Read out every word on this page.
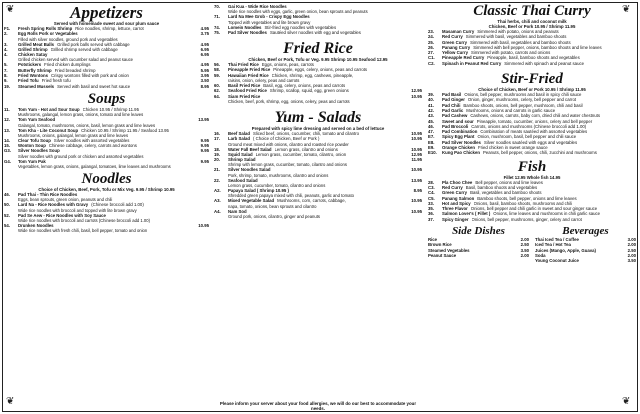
❦	❦
❦	❦
Appetizers

Served with homemade sweet and sour plum sauce

F1.	Fresh Spring Rolls Shrimp Rice noodles, shrimp, lettuce, carrot	4.95
2.	Egg Rolls Pork or Vegetables	3.75
Filled with silver noodles, ground pork and vegetables
3.	Grilled Meat Balls Grilled pork balls served with cabbage	4.95
4.	Grilled Shrimp Grilled shrimp served with cabbage	6.95
4.	Chicken Satay	6.95
Grilled chicken served with cucumber salad and peanut sauce
5.	Potstickers Fried chicken dumplings	4.95
7.	Butterfly Shrimp Fried breaded shrimp	5.95
8.	Fried Wontons Crispy wontons filled with pork and onion	3.95
9.	Fried Tofu Fried fresh tofu	3.50
19.	Steamed Mussels Served with basil and sweet hot sauce	8.95
Soups
11.	Tom Yum - Hot and Sour Soup Chicken 10.95 / Shrimp 11.95
Mushrooms, galangal, lemon grass, onions, tomato and lime leaves
12.	Tom Yum Seafood	13.95
Galangal, tomato, mushrooms, onions, basil, lemon grass and lime leaves
13.	Tom Kha - Lite Coconut Soup Chicken 10.95 / Shrimp 11.95 / Seafood 13.95
Mushrooms, onions, galangal, lemon grass and lime leaves
14.	Clear Tofu Soup Silver noodles with assorted vegetables	9.95
15.	Wonton Soup Chinese cabbage, celery, carrots and wontons	9.95
G3.	Silver Noodles Soup	9.95
Silver noodles with ground pork or chicken and assorted vegetables
G4.	Tom Yum Pak	9.95
Vegetables, lemon grass, onions, galangal, tomatoes, lime leaves and mushrooms
Noodles

Choice of Chicken, Beef, Pork, Tofu or Mix Veg. 9.95 / Shrimp 10.95

46.	Pad Thai - Thin Rice Noodles
Eggs, bean sprouts, green onion, peanuts and chili
50.	Lard Na - Rice Noodles with Gravy (Chinese broccoli add 1.00)
Wide rice noodles with broccoli and topped with lite brown gravy
52.	Pad Se Aew - Rice Noodles with Soy Sauce
Wide rice noodles with broccoli and carrots (Chinese broccoli add 1.00)
54.	Drunken Noodles	10.95
Wide rice noodles with fresh chili, basil, bell pepper, tomato and onion
70.	Gai Kua - Wide Rice Noodles
Wide rice noodles with eggs, garlic, green onion, bean sprouts and peanuts
71.	Lard Na Mee Grob - Crispy Egg Noodles
Topped with vegetables and lite brown gravy
74.	Lomein Noodles Stir-fried egg noodles with vegetables
75.	Pad Silver Noodles Sautéed silver noodles with egg and vegetables
Fried Rice

Chicken, Beef or Pork, Tofu or Veg. 9.95 Shrimp 10.95 Seafood 12.95

56.	Thai Fried Rice Eggs, onions, peas, carrots
58.	Pineapple Fried Rice Pineapple, eggs, celery, onions, peas and carrots
59.	Hawaiian Fried Rice Chicken, shrimp, egg, cashews, pineapple,
raisins, onion, celery, peas and carrots
60.	Basil Fried Rice Basil, egg, celery, onions, peas and carrots
62.	Seafood Fried Rice Shrimp, scallop, squid, egg, green onions	12.95
64.	Siam Fried Rice	10.95
Chicken, beef, pork, shrimp, egg, onions, celery, peas and carrots
Yum - Salads

Prepared with spicy lime dressing and served on a bed of lettuce

16.	Beef Salad Sliced beef, onions, cucumber, chili, tomato and cilantro	10.95
17.	Larb Salad ( Choice of Chicken, Beef or Pork )	10.95
Ground meat mixed with onions, cilantro and roasted rice powder
18.	Water Fall Beef Salad Lemon grass, cilantro and onions	10.95
19.	Squid Salad Lemon grass, cucumber, tomato, cilantro, onion	12.95
20.	Shrimp Salad	11.95
Shrimp with lemon grass, cucumber, tomato, cilantro and onions
21.	Silver Noodles Salad	10.95
Pork, shrimp, tomato, mushrooms, cilantro and onions
22.	Seafood Salad	13.95
Lemon grass, cucumber, tomato, cilantro and onions
A2.	Papaya Salad ( Shrimp 10.95 )	8.95
Shredded green papaya mixed with chili, peanuts, garlic and tomato
A3.	Mixed Vegetable Salad Mushrooms, corn, carrots, cabbage,	10.95
napa, tomato, onions, bean sprouts and cilantro
A4.	Nam Sod	10.95
Ground pork, onions, cilantro, ginger and peanuts
Please inform your server about your food allergies, we will do our best to accommodate your needs.
Classic Thai Curry

Thai herbs, chili and coconut milk

Chicken, Beef or Pork 10.95 / Shrimp 11.95

23.	Masaman Curry Simmered with potato, onions and peanuts
24.	Red Curry Simmered with basil, vegetables and bamboo shoots
25.	Green Curry Simmered with basil, vegetables and bamboo shoots
26.	Panang Curry Simmered with bell pepper, onions, bamboo shoots and lime leaves
27.	Yellow Curry Simmered with potato, carrots and onions
C1.	Pineapple Red Curry Pineapple, basil, bamboo shoots and vegetables
C2.	Spinach in Peanut Red Curry Simmered with spinach and peanut sauce
Stir-Fried

Choice of Chicken, Beef or Pork 10.95 / Shrimp 11.95

39.	Pad Basil Onions, bell pepper, mushrooms and basil in spicy chili sauce
40.	Pad Ginger Onion, ginger, mushrooms, celery, bell pepper and carrot
41.	Pad Chili Bamboo shoots, onions, bell pepper, mushroom, chili and basil
42.	Pad Garlic Mushrooms, onions and carrots in garlic sauce
43.	Pad Cashew Cashews, onions, carrots, baby corn, dried chili and water chestnuts
45.	Sweet and sour Pineapple, tomato, cucumber, onions, celery and bell pepper
46.	Pad Broccoli Carrots, onions and mushrooms (Chinese broccoli add 1.00)
47.	Pad Combination Combination of meats sautéed with assorted vegetables
E7.	Spicy Egg Plant Onion, mushroom, basil, bell pepper and chili sauce
E8.	Pad Silver Noodles Silver noodles sautéed with eggs and vegetables
E9.	Orange Chicken Fried chicken in sweet orange sauce
E10.	Kung Pao Chicken Peanuts, bell pepper, onions, chili, zucchini and mushrooms
Fish

Fillet 12.95 Whole fish 14.95

28.	Pla Choo Chee Bell pepper, onions and lime leaves
C3.	Red Curry Basil, bamboo shoots and vegetables
C4.	Green Curry Basil, vegetables and bamboo shoots
C5.	Panang Salmon Bamboo shoots, bell pepper, onions and lime leaves
33.	Hot and Spicy Onions, basil, bamboo shoots, mushrooms and chili
35.	Three Flavor Onions, bell pepper and chili garlic in sweet and sour ginger sauce
36.	Salmon Lover's ( Fillet ) Onions, lime leaves and mushrooms in chili garlic sauce
37.	Spicy Ginger Onions, bell pepper, mushrooms, ginger, celery and carrot
Side Dishes
Rice	2.00
Brown Rice	2.50
Steamed Vegetables	3.50
Peanut Sauce	2.00
Beverages
Thai Iced Tea / Coffee	3.00
Iced Tea / Hot Tea	2.00
Juices (Mango, Apple, Guava)	2.50
Soda	2.00
Young Coconut Juice	3.50
